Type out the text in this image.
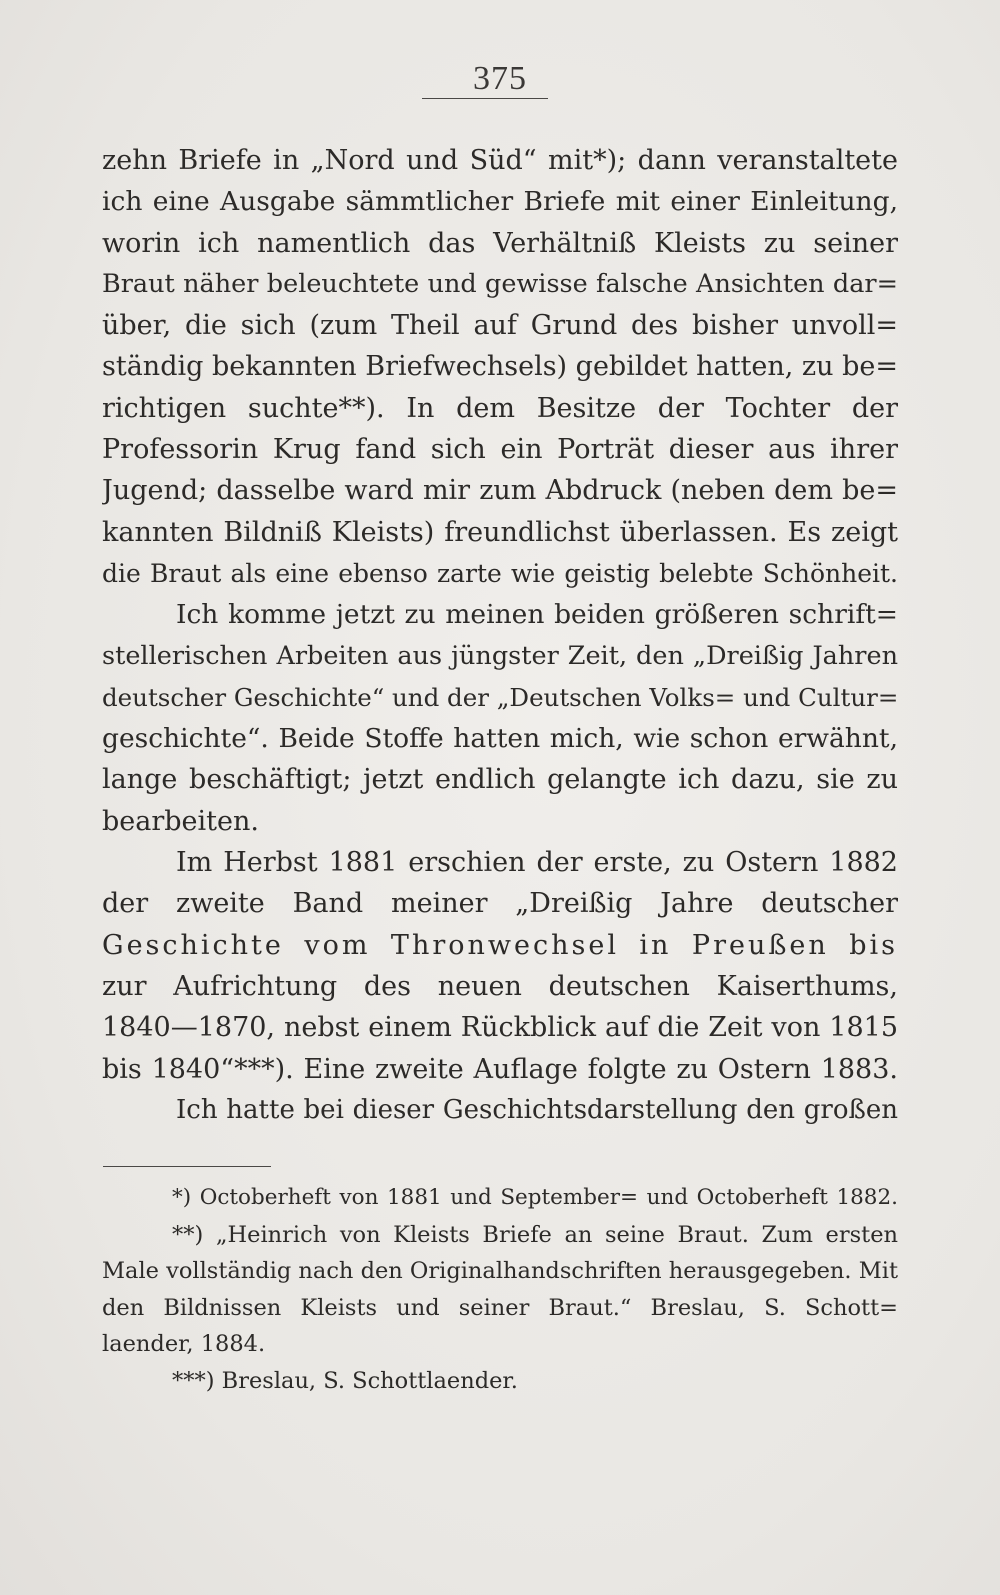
375
zehn Briefe in „Nord und Süd“ mit*); dann veranstaltete
ich eine Ausgabe sämmtlicher Briefe mit einer Einleitung,
worin ich namentlich das Verhältniß Kleists zu seiner
Braut näher beleuchtete und gewisse falsche Ansichten dar=
über, die sich (zum Theil auf Grund des bisher unvoll=
ständig bekannten Briefwechsels) gebildet hatten, zu be=
richtigen suchte**). In dem Besitze der Tochter der
Professorin Krug fand sich ein Porträt dieser aus ihrer
Jugend; dasselbe ward mir zum Abdruck (neben dem be=
kannten Bildniß Kleists) freundlichst überlassen. Es zeigt
die Braut als eine ebenso zarte wie geistig belebte Schönheit.
Ich komme jetzt zu meinen beiden größeren schrift=
stellerischen Arbeiten aus jüngster Zeit, den „Dreißig Jahren
deutscher Geschichte“ und der „Deutschen Volks= und Cultur=
geschichte“. Beide Stoffe hatten mich, wie schon erwähnt,
lange beschäftigt; jetzt endlich gelangte ich dazu, sie zu
bearbeiten.
Im Herbst 1881 erschien der erste, zu Ostern 1882
der zweite Band meiner „Dreißig Jahre deutscher
Geschichte vom Thronwechsel in Preußen bis
zur Aufrichtung des neuen deutschen Kaiserthums,
1840—1870, nebst einem Rückblick auf die Zeit von 1815
bis 1840“***). Eine zweite Auflage folgte zu Ostern 1883.
Ich hatte bei dieser Geschichtsdarstellung den großen
*) Octoberheft von 1881 und September= und Octoberheft 1882.
**) „Heinrich von Kleists Briefe an seine Braut. Zum ersten
Male vollständig nach den Originalhandschriften herausgegeben. Mit
den Bildnissen Kleists und seiner Braut.“ Breslau, S. Schott=
laender, 1884.
***) Breslau, S. Schottlaender.
